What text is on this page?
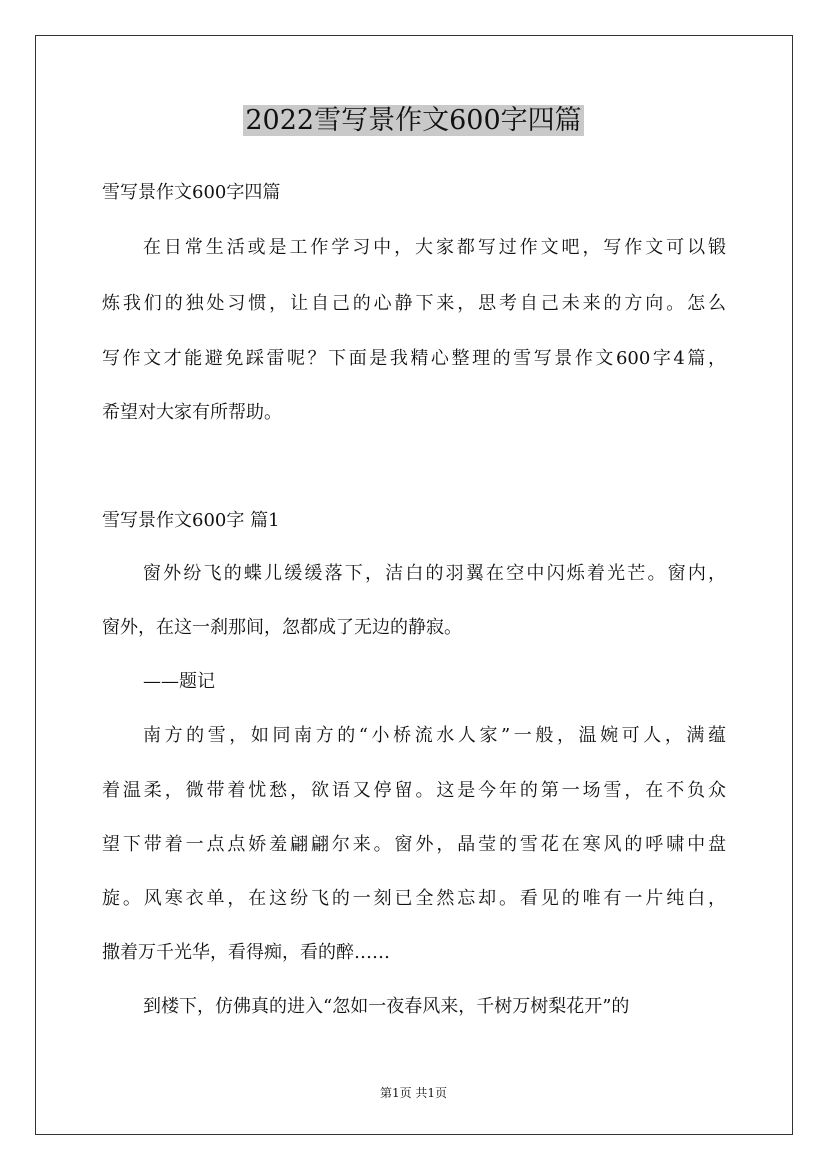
2022雪写景作文600字四篇

雪写景作文600字四篇

在日常生活或是工作学习中，大家都写过作文吧，写作文可以锻

炼我们的独处习惯，让自己的心静下来，思考自己未来的方向。怎么

写作文才能避免踩雷呢？下面是我精心整理的雪写景作文600字4篇，

希望对大家有所帮助。

雪写景作文600字 篇1

窗外纷飞的蝶儿缓缓落下，洁白的羽翼在空中闪烁着光芒。窗内，

窗外，在这一刹那间，忽都成了无边的静寂。

——题记

南方的雪，如同南方的“小桥流水人家”一般，温婉可人，满蕴

着温柔，微带着忧愁，欲语又停留。这是今年的第一场雪，在不负众

望下带着一点点娇羞翩翩尔来。窗外，晶莹的雪花在寒风的呼啸中盘

旋。风寒衣单，在这纷飞的一刻已全然忘却。看见的唯有一片纯白，

撒着万千光华，看得痴，看的醉……

到楼下，仿佛真的进入“忽如一夜春风来，千树万树梨花开”的

第1页 共1页
